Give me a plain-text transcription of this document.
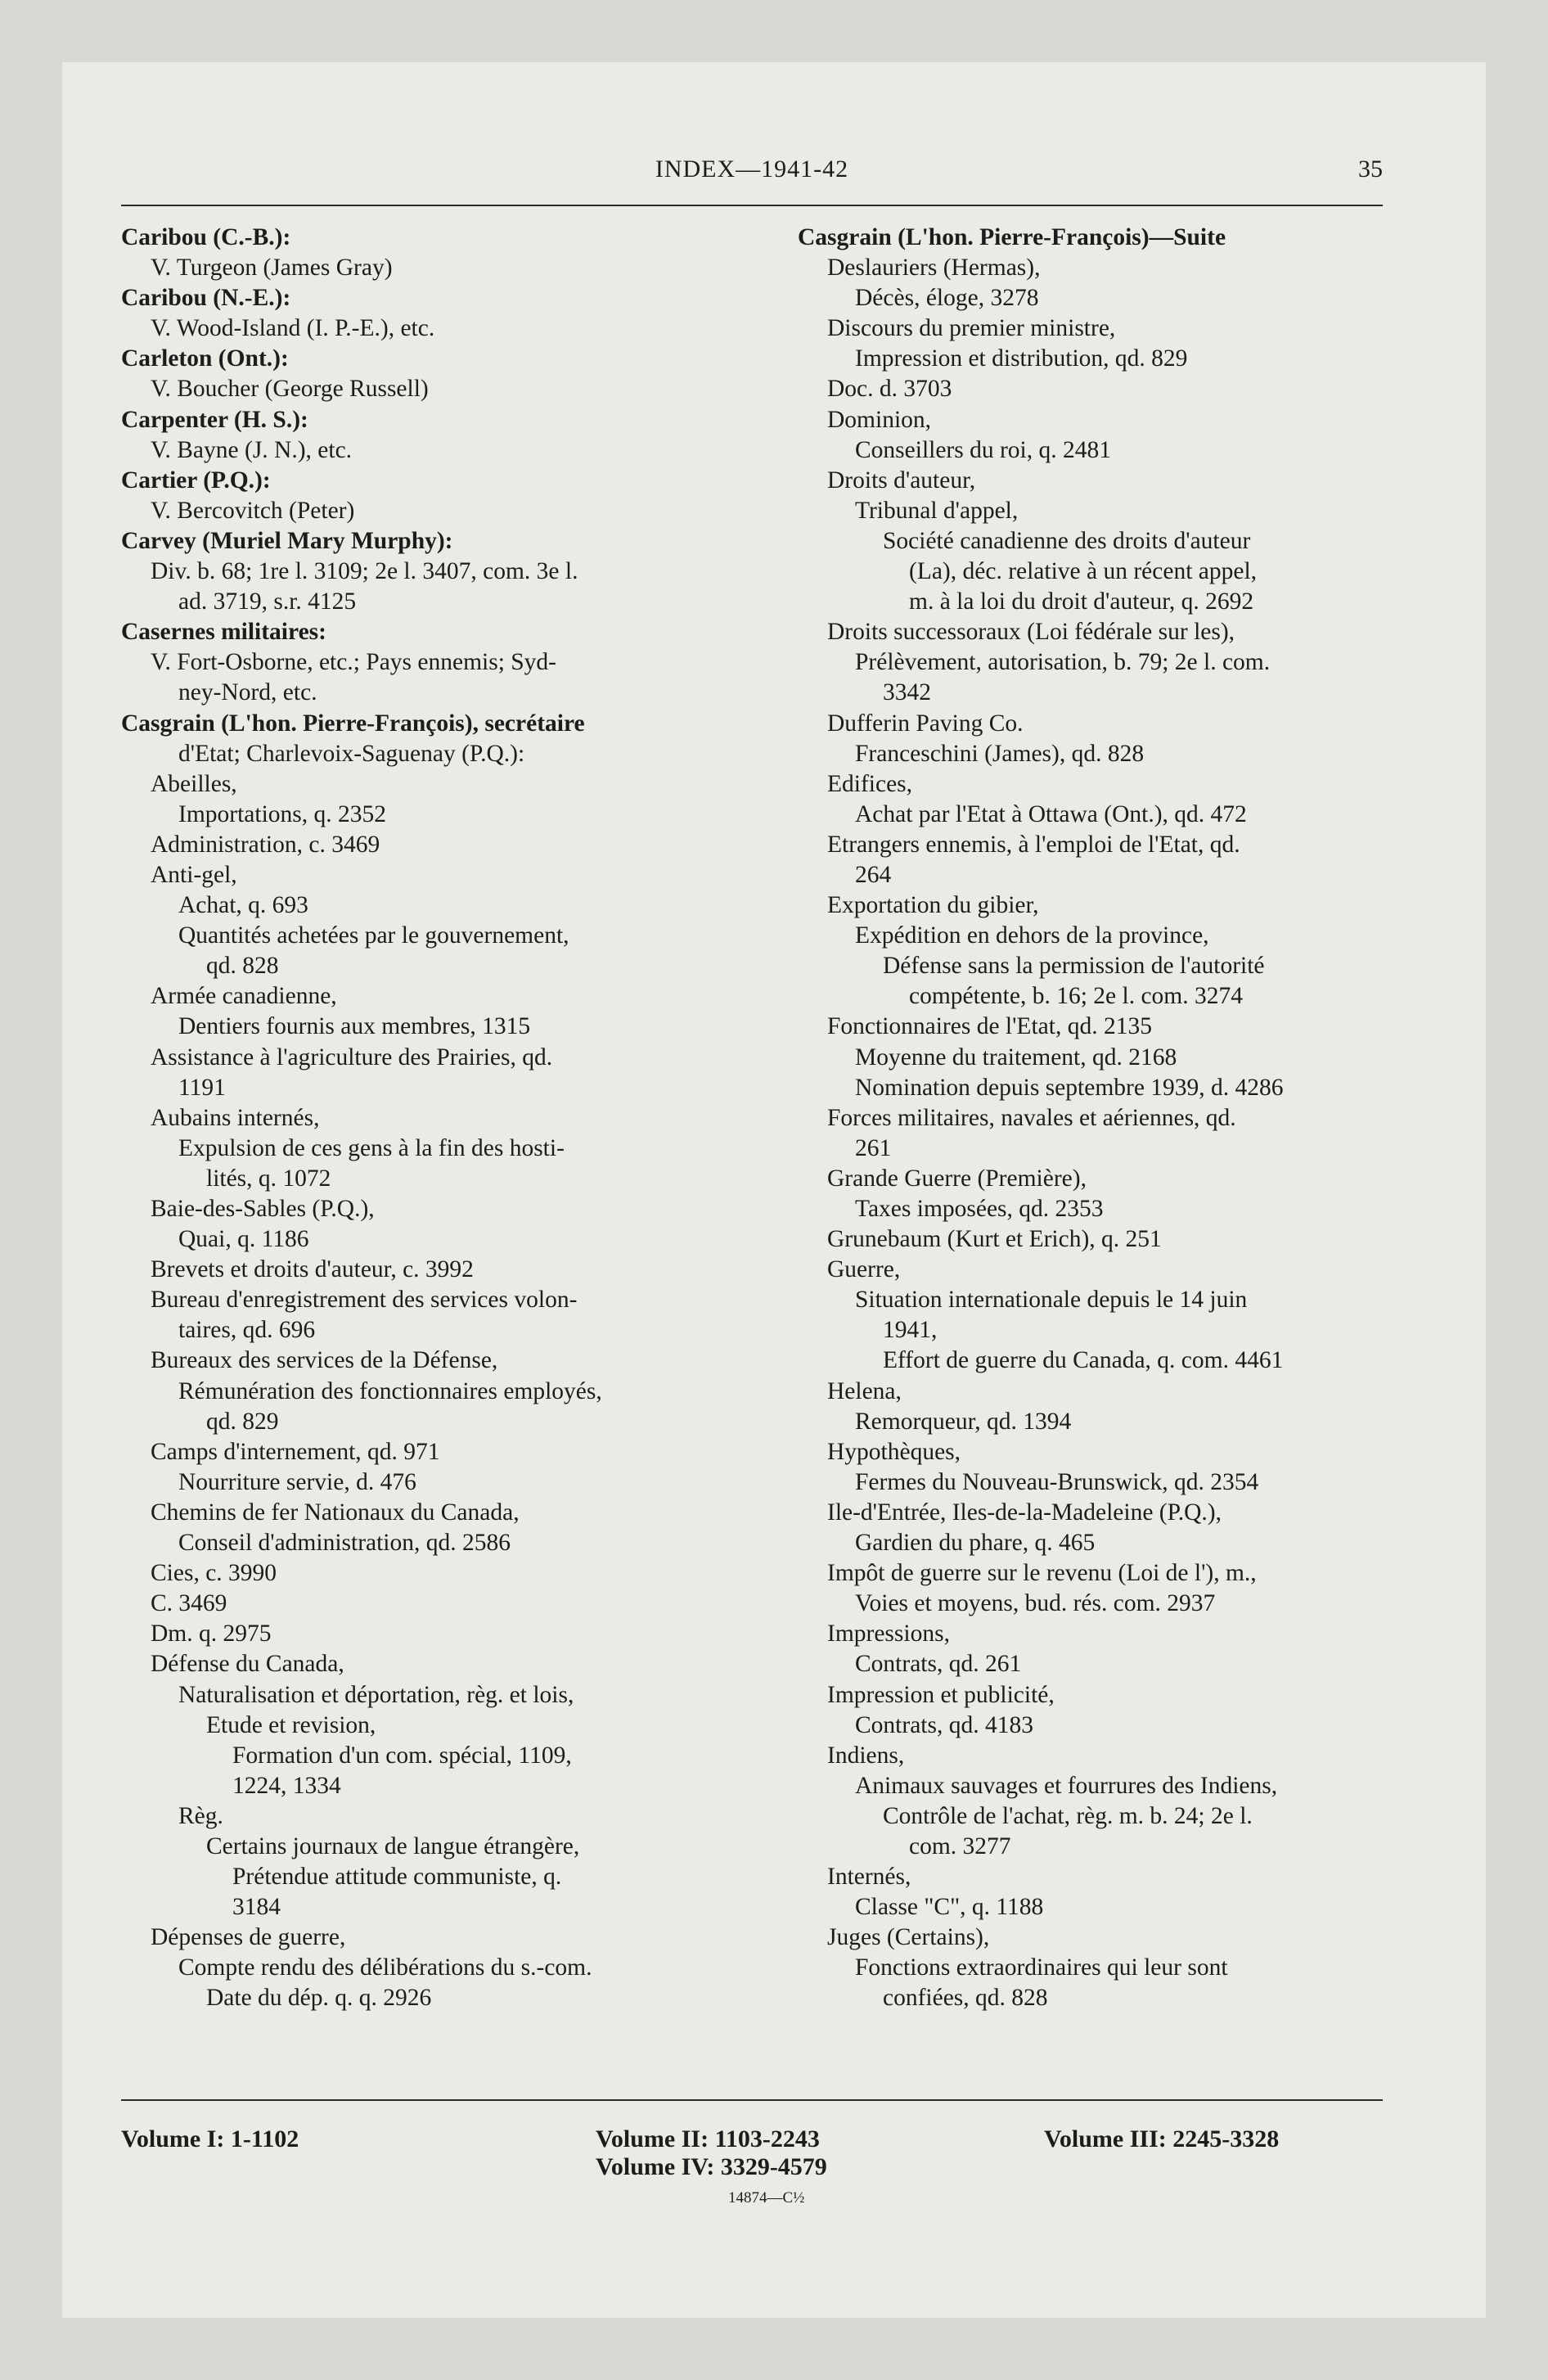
INDEX—1941-42	35
Caribou (C.-B.):
V. Turgeon (James Gray)
Caribou (N.-E.):
V. Wood-Island (I. P.-E.), etc.
Carleton (Ont.):
V. Boucher (George Russell)
Carpenter (H. S.):
V. Bayne (J. N.), etc.
Cartier (P.Q.):
V. Bercovitch (Peter)
Carvey (Muriel Mary Murphy):
Div. b. 68; 1re l. 3109; 2e l. 3407, com. 3e l.
ad. 3719, s.r. 4125
Casernes militaires:
V. Fort-Osborne, etc.; Pays ennemis; Syd-
ney-Nord, etc.
Casgrain (L'hon. Pierre-François), secrétaire
d'Etat; Charlevoix-Saguenay (P.Q.):
Abeilles,
Importations, q. 2352
Administration, c. 3469
Anti-gel,
Achat, q. 693
Quantités achetées par le gouvernement,
qd. 828
Armée canadienne,
Dentiers fournis aux membres, 1315
Assistance à l'agriculture des Prairies, qd.
1191
Aubains internés,
Expulsion de ces gens à la fin des hosti-
lités, q. 1072
Baie-des-Sables (P.Q.),
Quai, q. 1186
Brevets et droits d'auteur, c. 3992
Bureau d'enregistrement des services volon-
taires, qd. 696
Bureaux des services de la Défense,
Rémunération des fonctionnaires employés,
qd. 829
Camps d'internement, qd. 971
Nourriture servie, d. 476
Chemins de fer Nationaux du Canada,
Conseil d'administration, qd. 2586
Cies, c. 3990
C. 3469
Dm. q. 2975
Défense du Canada,
Naturalisation et déportation, règ. et lois,
Etude et revision,
Formation d'un com. spécial, 1109,
1224, 1334
Règ.
Certains journaux de langue étrangère,
Prétendue attitude communiste, q.
3184
Dépenses de guerre,
Compte rendu des délibérations du s.-com.
Date du dép. q. q. 2926
Casgrain (L'hon. Pierre-François)—Suite
Deslauriers (Hermas),
Décès, éloge, 3278
Discours du premier ministre,
Impression et distribution, qd. 829
Doc. d. 3703
Dominion,
Conseillers du roi, q. 2481
Droits d'auteur,
Tribunal d'appel,
Société canadienne des droits d'auteur
(La), déc. relative à un récent appel,
m. à la loi du droit d'auteur, q. 2692
Droits successoraux (Loi fédérale sur les),
Prélèvement, autorisation, b. 79; 2e l. com.
3342
Dufferin Paving Co.
Franceschini (James), qd. 828
Edifices,
Achat par l'Etat à Ottawa (Ont.), qd. 472
Etrangers ennemis, à l'emploi de l'Etat, qd.
264
Exportation du gibier,
Expédition en dehors de la province,
Défense sans la permission de l'autorité
compétente, b. 16; 2e l. com. 3274
Fonctionnaires de l'Etat, qd. 2135
Moyenne du traitement, qd. 2168
Nomination depuis septembre 1939, d. 4286
Forces militaires, navales et aériennes, qd.
261
Grande Guerre (Première),
Taxes imposées, qd. 2353
Grunebaum (Kurt et Erich), q. 251
Guerre,
Situation internationale depuis le 14 juin
1941,
Effort de guerre du Canada, q. com. 4461
Helena,
Remorqueur, qd. 1394
Hypothèques,
Fermes du Nouveau-Brunswick, qd. 2354
Ile-d'Entrée, Iles-de-la-Madeleine (P.Q.),
Gardien du phare, q. 465
Impôt de guerre sur le revenu (Loi de l'), m.,
Voies et moyens, bud. rés. com. 2937
Impressions,
Contrats, qd. 261
Impression et publicité,
Contrats, qd. 4183
Indiens,
Animaux sauvages et fourrures des Indiens,
Contrôle de l'achat, règ. m. b. 24; 2e l.
com. 3277
Internés,
Classe "C", q. 1188
Juges (Certains),
Fonctions extraordinaires qui leur sont
confiées, qd. 828
Volume I: 1-1102	Volume II: 1103-2243
Volume IV: 3329-4579
Volume III: 2245-3328
14874—C½
